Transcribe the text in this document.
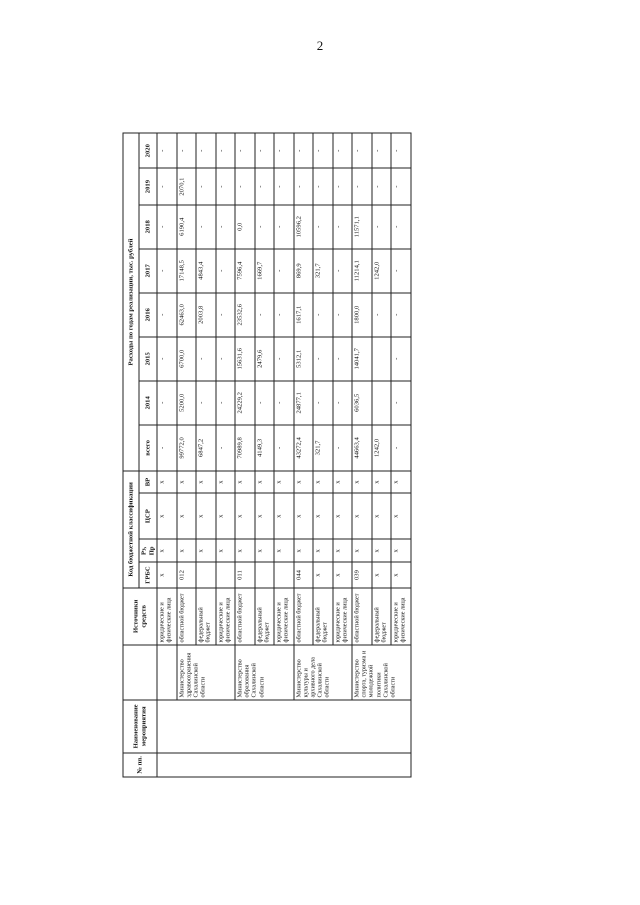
2
№ пп.	Наименование мероприятия		Источники средств	Код бюджетной классификации				Расходы по годам реализации, тыс. рублей							
				ГРБС	Рз, Пр	ЦСР	ВР	всего	2014	2015	2016	2017	2018	2019	2020
			юридические и физические лица	х	х	х	х	-	-	-	-	-	-	-	-
		Министерство здравоохранения Сахалинской области	областной бюджет	012	х	х	х	99772,0	5200,0	6700,0	62463,0	17148,5	6190,4	2070,1	-
			федеральный бюджет		х	х	х	6847,2	-	-	2003,8	4843,4	-	-	-
			юридические и физические лица		х	х	х	-	-	-	-	-	-	-	-
		Министерство образования Сахалинской области	областной бюджет	011	х	х	х	70989,8	24229,2	15631,6	23532,6	7596,4	0,0	-	-
			федеральный бюджет		х	х	х	4149,3	-	2479,6	-	1669,7	-	-	-
			юридические и физические лица		х	х	х	-	-	-	-	-	-	-	-
		Министерство культуры и архивного дела Сахалинской области	областной бюджет	044	х	х	х	43272,4	24877,1	5312,1	1617,1	869,9	10596,2	-	-
			федеральный бюджет	х	х	х	х	321,7	-	-	-	321,7	-	-	-
			юридические и физические лица	х	х	х	х	-	-	-	-	-	-	-	-
		Министерство спорта, туризма и молодежной политики Сахалинской области	областной бюджет	039	х	х	х	44663,4	6036,5	14041,7	1800,0	11214,1	11571,1	-	-
			федеральный бюджет	х	х	х	х	1242,0			-	1242,0	-	-	-
			юридические и физические лица	х	х	х	х	-	-	-	-	-	-	-	-
